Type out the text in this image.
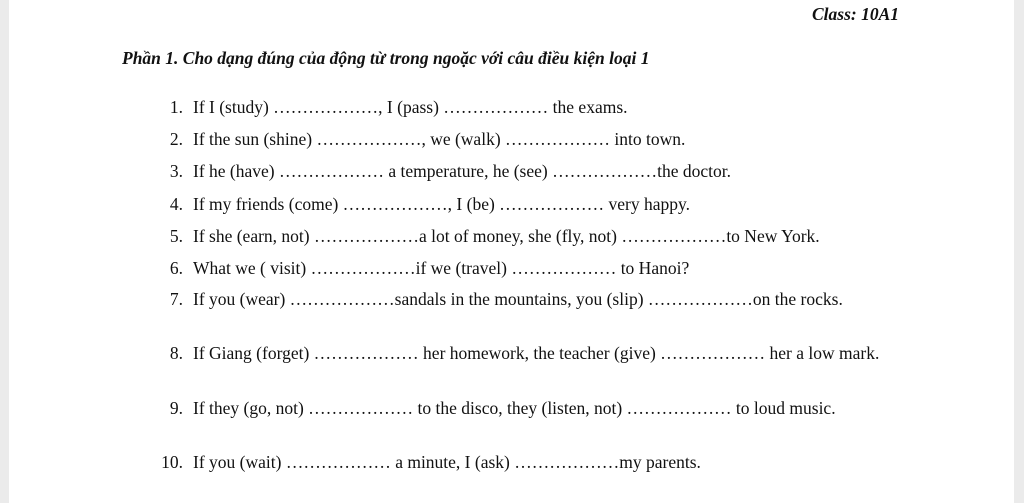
Class: 10A1
Phần 1. Cho dạng đúng của động từ trong ngoặc với câu điều kiện loại 1
1. If I (study) ………………, I (pass) ……………… the exams.
2. If the sun (shine) ………………, we (walk) ……………… into town.
3. If he (have) ……………… a temperature, he (see) ………………the doctor.
4. If my friends (come) ………………, I (be) ……………… very happy.
5. If she (earn, not) ………………a lot of money, she (fly, not) ………………to New York.
6. What we ( visit) ………………if we (travel) ……………… to Hanoi?
7. If you (wear) ………………sandals in the mountains, you (slip) ………………on the rocks.
8. If Giang (forget) ……………… her homework, the teacher (give) ……………… her a low mark.
9. If they (go, not) ……………… to the disco, they (listen, not) ……………… to loud music.
10. If you (wait) ……………… a minute, I (ask) ………………my parents.
